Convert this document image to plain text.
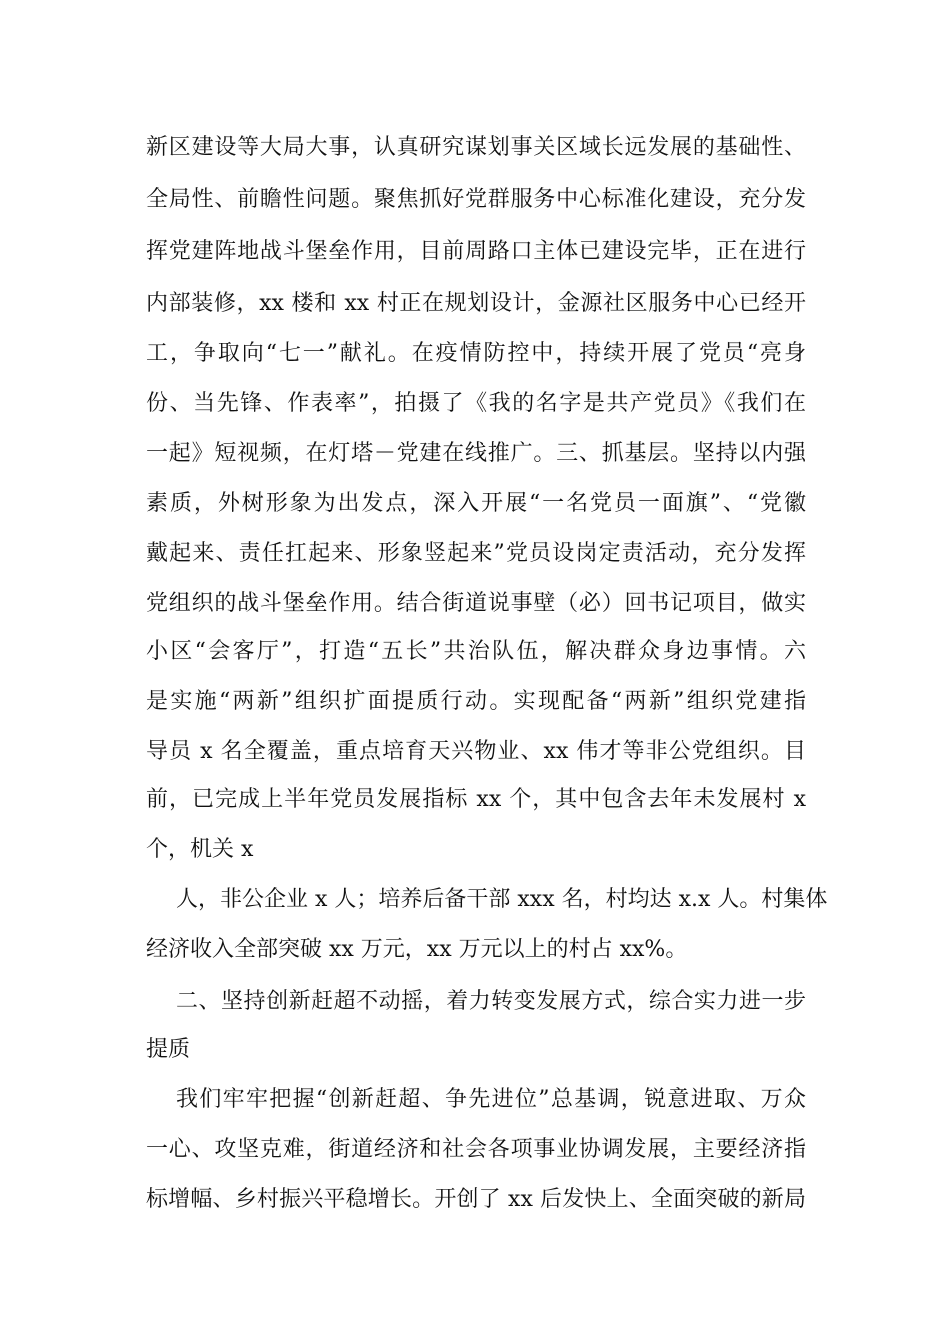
新区建设等大局大事，认真研究谋划事关区域长远发展的基础性、
全局性、前瞻性问题。聚焦抓好党群服务中心标准化建设，充分发
挥党建阵地战斗堡垒作用，目前周路口主体已建设完毕，正在进行
内部装修，xx 楼和 xx 村正在规划设计，金源社区服务中心已经开
工，争取向“七一”献礼。在疫情防控中，持续开展了党员“亮身
份、当先锋、作表率”，拍摄了《我的名字是共产党员》《我们在
一起》短视频，在灯塔－党建在线推广。三、抓基层。坚持以内强
素质，外树形象为出发点，深入开展“一名党员一面旗”、“党徽
戴起来、责任扛起来、形象竖起来”党员设岗定责活动，充分发挥
党组织的战斗堡垒作用。结合街道说事壁（必）回书记项目，做实
小区“会客厅”，打造“五长”共治队伍，解决群众身边事情。六
是实施“两新”组织扩面提质行动。实现配备“两新”组织党建指
导员 x 名全覆盖，重点培育天兴物业、xx 伟才等非公党组织。目
前，已完成上半年党员发展指标 xx 个，其中包含去年未发展村 x
个，机关 x
人，非公企业 x 人；培养后备干部 xxx 名，村均达 x.x 人。村集体
经济收入全部突破 xx 万元，xx 万元以上的村占 xx%。
二、坚持创新赶超不动摇，着力转变发展方式，综合实力进一步
提质
我们牢牢把握“创新赶超、争先进位”总基调，锐意进取、万众
一心、攻坚克难，街道经济和社会各项事业协调发展，主要经济指
标增幅、乡村振兴平稳增长。开创了 xx 后发快上、全面突破的新局
